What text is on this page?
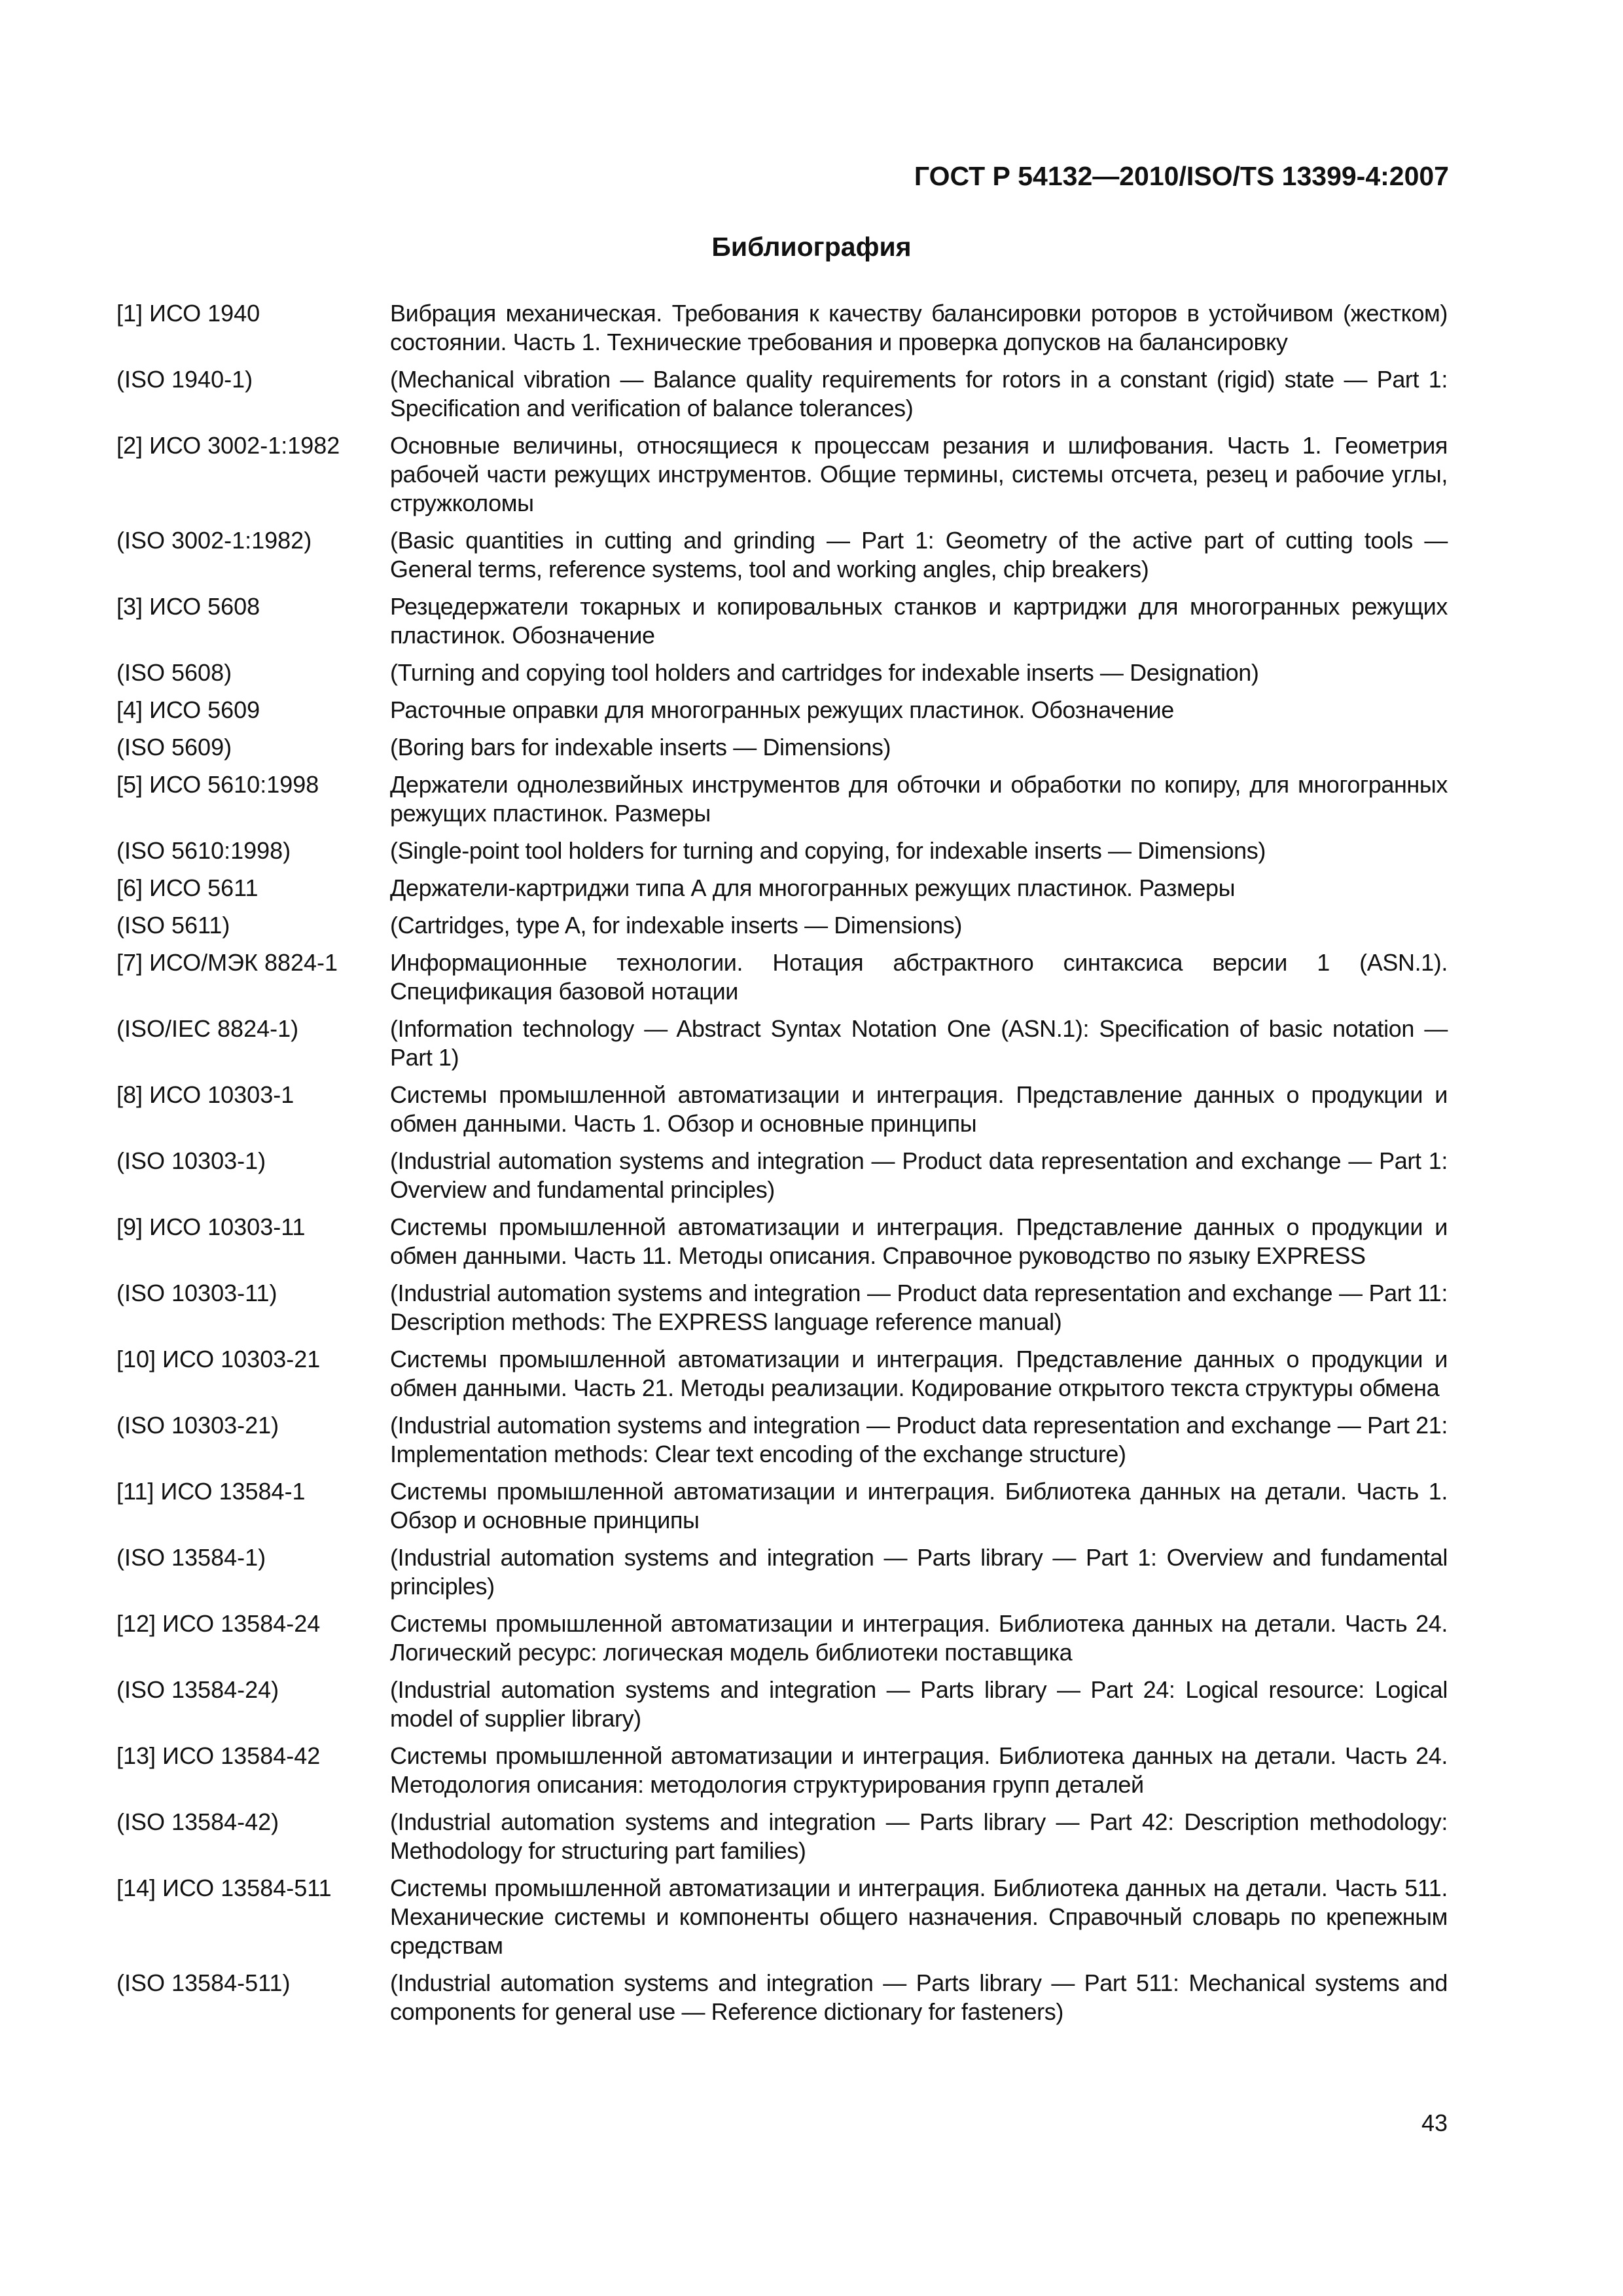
ГОСТ Р 54132—2010/ISO/TS 13399-4:2007
Библиография
[1] ИСО 1940	Вибрация механическая. Требования к качеству балансировки роторов в устойчивом (жестком) состоянии. Часть 1. Технические требования и проверка допусков на балансировку
(ISO 1940-1)	(Mechanical vibration — Balance quality requirements for rotors in a constant (rigid) state — Part 1: Specification and verification of balance tolerances)
[2] ИСО 3002-1:1982	Основные величины, относящиеся к процессам резания и шлифования. Часть 1. Геометрия рабочей части режущих инструментов. Общие термины, системы отсчета, резец и рабочие углы, стружколомы
(ISO 3002-1:1982)	(Basic quantities in cutting and grinding — Part 1: Geometry of the active part of cutting tools — General terms, reference systems, tool and working angles, chip breakers)
[3] ИСО 5608	Резцедержатели токарных и копировальных станков и картриджи для многогранных режущих пластинок. Обозначение
(ISO 5608)	(Turning and copying tool holders and cartridges for indexable inserts — Designation)
[4] ИСО 5609	Расточные оправки для многогранных режущих пластинок. Обозначение
(ISO 5609)	(Boring bars for indexable inserts — Dimensions)
[5] ИСО 5610:1998	Держатели однолезвийных инструментов для обточки и обработки по копиру, для многогранных режущих пластинок. Размеры
(ISO 5610:1998)	(Single-point tool holders for turning and copying, for indexable inserts — Dimensions)
[6] ИСО 5611	Держатели-картриджи типа А для многогранных режущих пластинок. Размеры
(ISO 5611)	(Cartridges, type A, for indexable inserts — Dimensions)
[7] ИСО/МЭК 8824-1	Информационные технологии. Нотация абстрактного синтаксиса версии 1 (ASN.1). Спецификация базовой нотации
(ISO/IEC 8824-1)	(Information technology — Abstract Syntax Notation One (ASN.1): Specification of basic notation — Part 1)
[8] ИСО 10303-1	Системы промышленной автоматизации и интеграция. Представление данных о продукции и обмен данными. Часть 1. Обзор и основные принципы
(ISO 10303-1)	(Industrial automation systems and integration — Product data representation and exchange — Part 1: Overview and fundamental principles)
[9] ИСО 10303-11	Системы промышленной автоматизации и интеграция. Представление данных о продукции и обмен данными. Часть 11. Методы описания. Справочное руководство по языку EXPRESS
(ISO 10303-11)	(Industrial automation systems and integration — Product data representation and exchange — Part 11: Description methods: The EXPRESS language reference manual)
[10] ИСО 10303-21	Системы промышленной автоматизации и интеграция. Представление данных о продукции и обмен данными. Часть 21. Методы реализации. Кодирование открытого текста структуры обмена
(ISO 10303-21)	(Industrial automation systems and integration — Product data representation and exchange — Part 21: Implementation methods: Clear text encoding of the exchange structure)
[11] ИСО 13584-1	Системы промышленной автоматизации и интеграция. Библиотека данных на детали. Часть 1. Обзор и основные принципы
(ISO 13584-1)	(Industrial automation systems and integration — Parts library — Part 1: Overview and fundamental principles)
[12] ИСО 13584-24	Системы промышленной автоматизации и интеграция. Библиотека данных на детали. Часть 24. Логический ресурс: логическая модель библиотеки поставщика
(ISO 13584-24)	(Industrial automation systems and integration — Parts library — Part 24: Logical resource: Logical model of supplier library)
[13] ИСО 13584-42	Системы промышленной автоматизации и интеграция. Библиотека данных на детали. Часть 24. Методология описания: методология структурирования групп деталей
(ISO 13584-42)	(Industrial automation systems and integration — Parts library — Part 42: Description methodology: Methodology for structuring part families)
[14] ИСО 13584-511	Системы промышленной автоматизации и интеграция. Библиотека данных на детали. Часть 511. Механические системы и компоненты общего назначения. Справочный словарь по крепежным средствам
(ISO 13584-511)	(Industrial automation systems and integration — Parts library — Part 511: Mechanical systems and components for general use — Reference dictionary for fasteners)
43
